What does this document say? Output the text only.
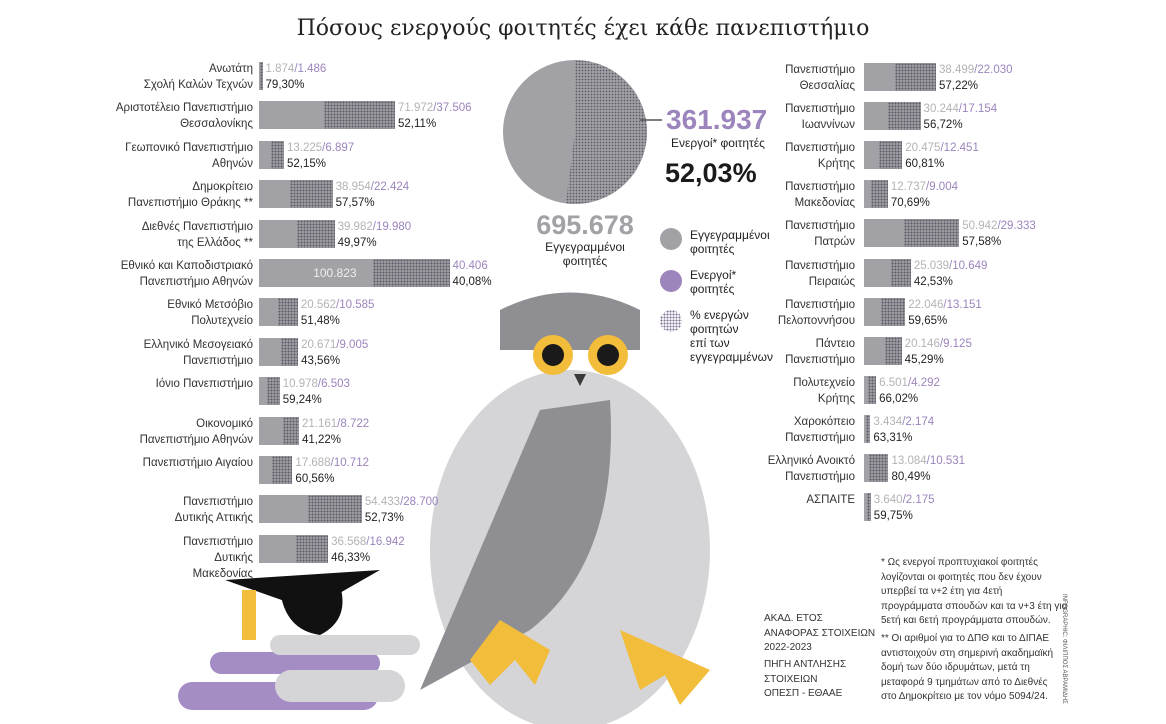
Πόσους ενεργούς φοιτητές έχει κάθε πανεπιστήμιο
361.937
Ενεργοί* φοιτητές
52,03%
695.678
Εγγεγραμμένοι
φοιτητές
Εγγεγραμμένοι
φοιτητές
Ενεργοί*
φοιτητές
% ενεργών
φοιτητών
επί των
εγγεγραμμένων
Ανωτάτη
Σχολή Καλών Τεχνών
1.874/1.486
79,30%
Αριστοτέλειο Πανεπιστήμιο
Θεσσαλονίκης
71.972/37.506
52,11%
Γεωπονικό Πανεπιστήμιο
Αθηνών
13.225/6.897
52,15%
Δημοκρίτειο
Πανεπιστήμιο Θράκης **
38.954/22.424
57,57%
Διεθνές Πανεπιστήμιο
της Ελλάδος **
39.982/19.980
49,97%
Εθνικό και Καποδιστριακό
Πανεπιστήμιο Αθηνών
100.823	40.406
40,08%
Εθνικό Μετσόβιο
Πολυτεχνείο
20.562/10.585
51,48%
Ελληνικό Μεσογειακό
Πανεπιστήμιο
20.671/9.005
43,56%
Ιόνιο Πανεπιστήμιο	10.978/6.503
59,24%
Οικονομικό
Πανεπιστήμιο Αθηνών
21.161/8.722
41,22%
Πανεπιστήμιο Αιγαίου	17.688/10.712
60,56%
Πανεπιστήμιο
Δυτικής Αττικής
54.433/28.700
52,73%
Πανεπιστήμιο
Δυτικής
Μακεδονίας
36.568/16.942
46,33%
Πανεπιστήμιο
Θεσσαλίας
38.499/22.030
57,22%
Πανεπιστήμιο
Ιωαννίνων
30.244/17.154
56,72%
Πανεπιστήμιο
Κρήτης
20.475/12.451
60,81%
Πανεπιστήμιο
Μακεδονίας
12.737/9.004
70,69%
Πανεπιστήμιο
Πατρών
50.942/29.333
57,58%
Πανεπιστήμιο
Πειραιώς
25.039/10.649
42,53%
Πανεπιστήμιο
Πελοποννήσου
22.046/13.151
59,65%
Πάντειο
Πανεπιστήμιο
20.146/9.125
45,29%
Πολυτεχνείο
Κρήτης
6.501/4.292
66,02%
Χαροκόπειο
Πανεπιστήμιο
3.434/2.174
63,31%
Ελληνικό Ανοικτό
Πανεπιστήμιο
13.084/10.531
80,49%
ΑΣΠΑΙΤΕ 3.640/2.175
59,75%
ΑΚΑΔ. ΕΤΟΣ
ΑΝΑΦΟΡΑΣ ΣΤΟΙΧΕΙΩΝ
2022-2023
ΠΗΓΗ ΑΝΤΛΗΣΗΣ
ΣΤΟΙΧΕΙΩΝ
ΟΠΕΣΠ - ΕΘΑΑΕ
* Ως ενεργοί προπτυχιακοί φοιτητές
λογίζονται οι φοιτητές που δεν έχουν
υπερβεί τα ν+2 έτη για 4ετή
προγράμματα σπουδών και τα ν+3 έτη για
5ετή και 6ετή προγράμματα σπουδών.
** Οι αριθμοί για το ΔΠΘ και το ΔΙΠΑΕ
αντιστοιχούν στη σημερινή ακαδημαϊκή
δομή των δύο ιδρυμάτων, μετά τη
μεταφορά 9 τμημάτων από το Διεθνές
στο Δημοκρίτειο με τον νόμο 5094/24.	INFOGRAPHIC: ΦΙΛΙΠΠΟΣ ΑΒΡΑΜΙΔΗΣ
